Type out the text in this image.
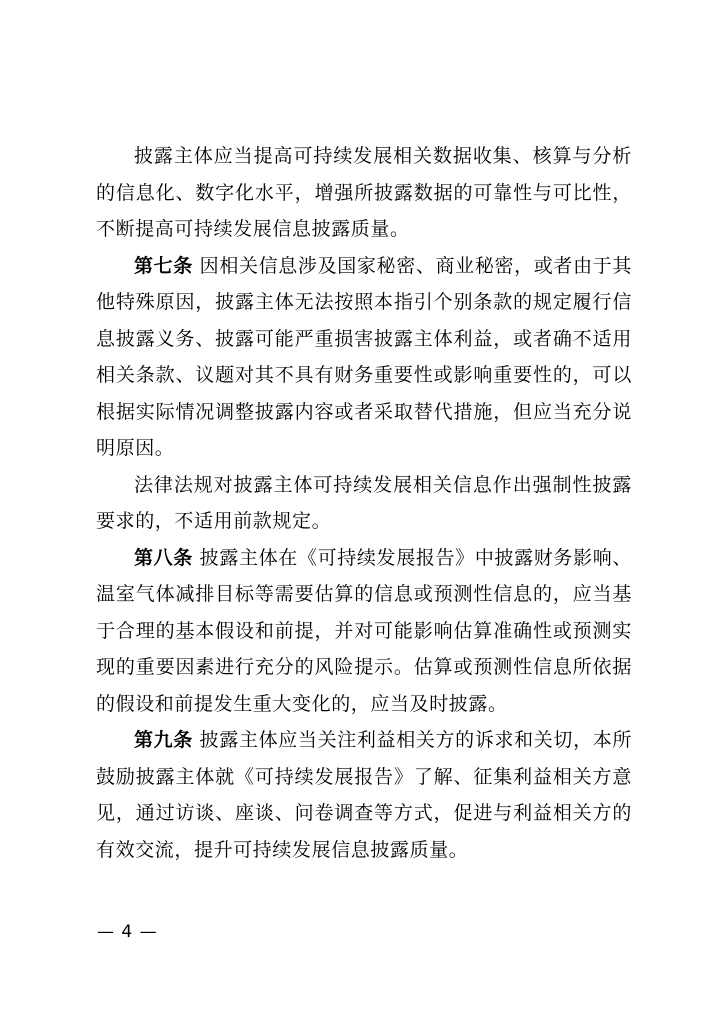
披露主体应当提高可持续发展相关数据收集、核算与分析的信息化、数字化水平，增强所披露数据的可靠性与可比性，不断提高可持续发展信息披露质量。

第七条 因相关信息涉及国家秘密、商业秘密，或者由于其他特殊原因，披露主体无法按照本指引个别条款的规定履行信息披露义务、披露可能严重损害披露主体利益，或者确不适用相关条款、议题对其不具有财务重要性或影响重要性的，可以根据实际情况调整披露内容或者采取替代措施，但应当充分说明原因。

法律法规对披露主体可持续发展相关信息作出强制性披露要求的，不适用前款规定。

第八条 披露主体在《可持续发展报告》中披露财务影响、温室气体减排目标等需要估算的信息或预测性信息的，应当基于合理的基本假设和前提，并对可能影响估算准确性或预测实现的重要因素进行充分的风险提示。估算或预测性信息所依据的假设和前提发生重大变化的，应当及时披露。

第九条 披露主体应当关注利益相关方的诉求和关切，本所鼓励披露主体就《可持续发展报告》了解、征集利益相关方意见，通过访谈、座谈、问卷调查等方式，促进与利益相关方的有效交流，提升可持续发展信息披露质量。

— 4 —
